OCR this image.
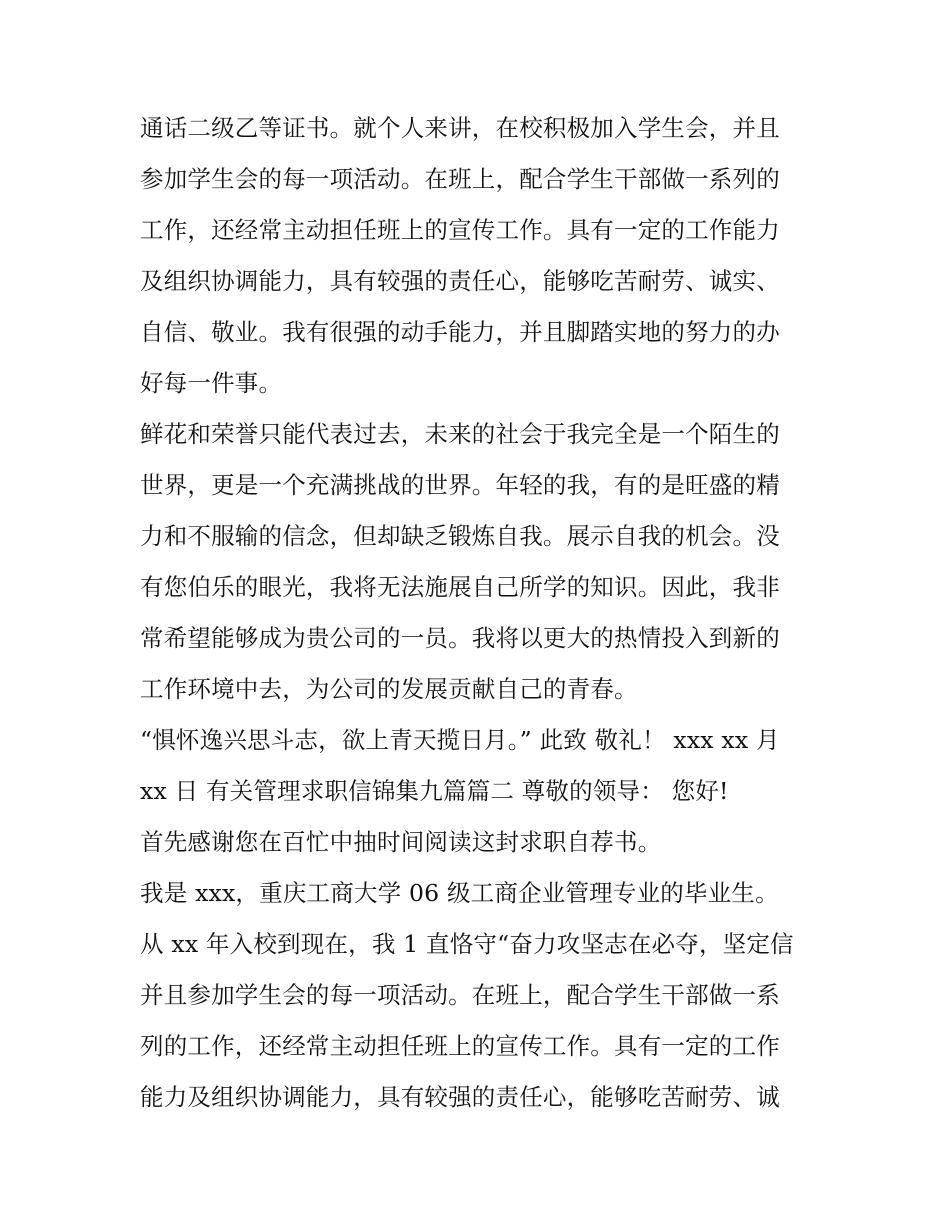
通话二级乙等证书。就个人来讲，在校积极加入学生会，并且
参加学生会的每一项活动。在班上，配合学生干部做一系列的
工作，还经常主动担任班上的宣传工作。具有一定的工作能力
及组织协调能力，具有较强的责任心，能够吃苦耐劳、诚实、
自信、敬业。我有很强的动手能力，并且脚踏实地的努力的办
好每一件事。
鲜花和荣誉只能代表过去，未来的社会于我完全是一个陌生的
世界，更是一个充满挑战的世界。年轻的我，有的是旺盛的精
力和不服输的信念，但却缺乏锻炼自我。展示自我的机会。没
有您伯乐的眼光，我将无法施展自己所学的知识。因此，我非
常希望能够成为贵公司的一员。我将以更大的热情投入到新的
工作环境中去，为公司的发展贡献自己的青春。
“惧怀逸兴思斗志，欲上青天揽日月。” 此致 敬礼！ xxx xx 月
xx 日 有关管理求职信锦集九篇篇二 尊敬的领导： 您好!
首先感谢您在百忙中抽时间阅读这封求职自荐书。
我是 xxx，重庆工商大学 06 级工商企业管理专业的毕业生。
从 xx 年入校到现在，我 1 直恪守“奋力攻坚志在必夺，坚定信
并且参加学生会的每一项活动。在班上，配合学生干部做一系
列的工作，还经常主动担任班上的宣传工作。具有一定的工作
能力及组织协调能力，具有较强的责任心，能够吃苦耐劳、诚
